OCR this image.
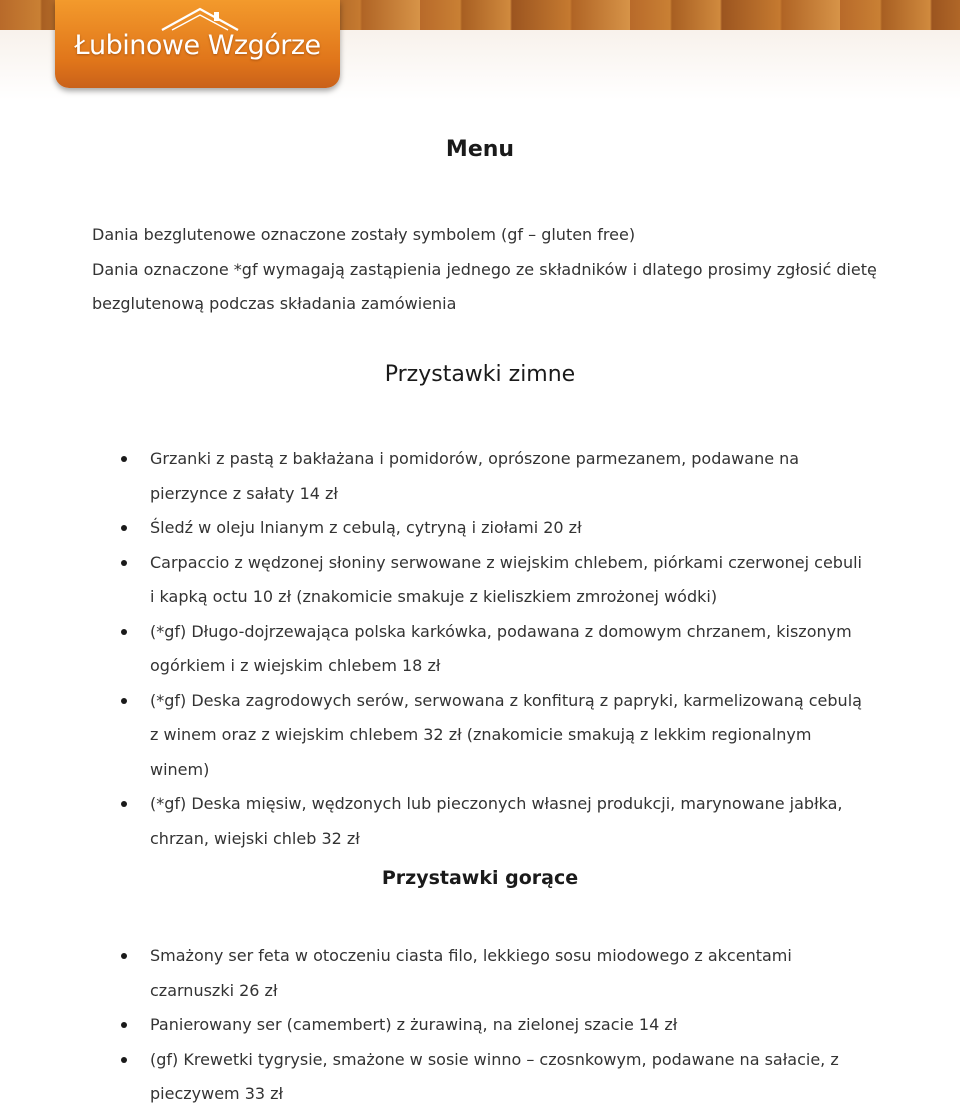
Łubinowe Wzgórze
Menu

Dania bezglutenowe oznaczone zostały symbolem (gf – gluten free)

Dania oznaczone *gf wymagają zastąpienia jednego ze składników i dlatego prosimy zgłosić dietę

bezglutenową podczas składania zamówienia

Przystawki zimne
Grzanki z pastą z bakłażana i pomidorów, oprószone parmezanem, podawane na pierzynce z sałaty 14 zł
Śledź w oleju lnianym z cebulą, cytryną i ziołami 20 zł
Carpaccio z wędzonej słoniny serwowane z wiejskim chlebem, piórkami czerwonej cebuli i kapką octu 10 zł (znakomicie smakuje z kieliszkiem zmrożonej wódki)
(*gf) Długo-dojrzewająca polska karkówka, podawana z domowym chrzanem, kiszonym ogórkiem i z wiejskim chlebem 18 zł
(*gf) Deska zagrodowych serów, serwowana z konfiturą z papryki, karmelizowaną cebulą z winem oraz z wiejskim chlebem 32 zł (znakomicie smakują z lekkim regionalnym winem)
(*gf) Deska mięsiw, wędzonych lub pieczonych własnej produkcji, marynowane jabłka, chrzan, wiejski chleb 32 zł
Przystawki gorące
Smażony ser feta w otoczeniu ciasta filo, lekkiego sosu miodowego z akcentami czarnuszki 26 zł
Panierowany ser (camembert) z żurawiną, na zielonej szacie 14 zł
(gf) Krewetki tygrysie, smażone w sosie winno – czosnkowym, podawane na sałacie, z pieczywem 33 zł
